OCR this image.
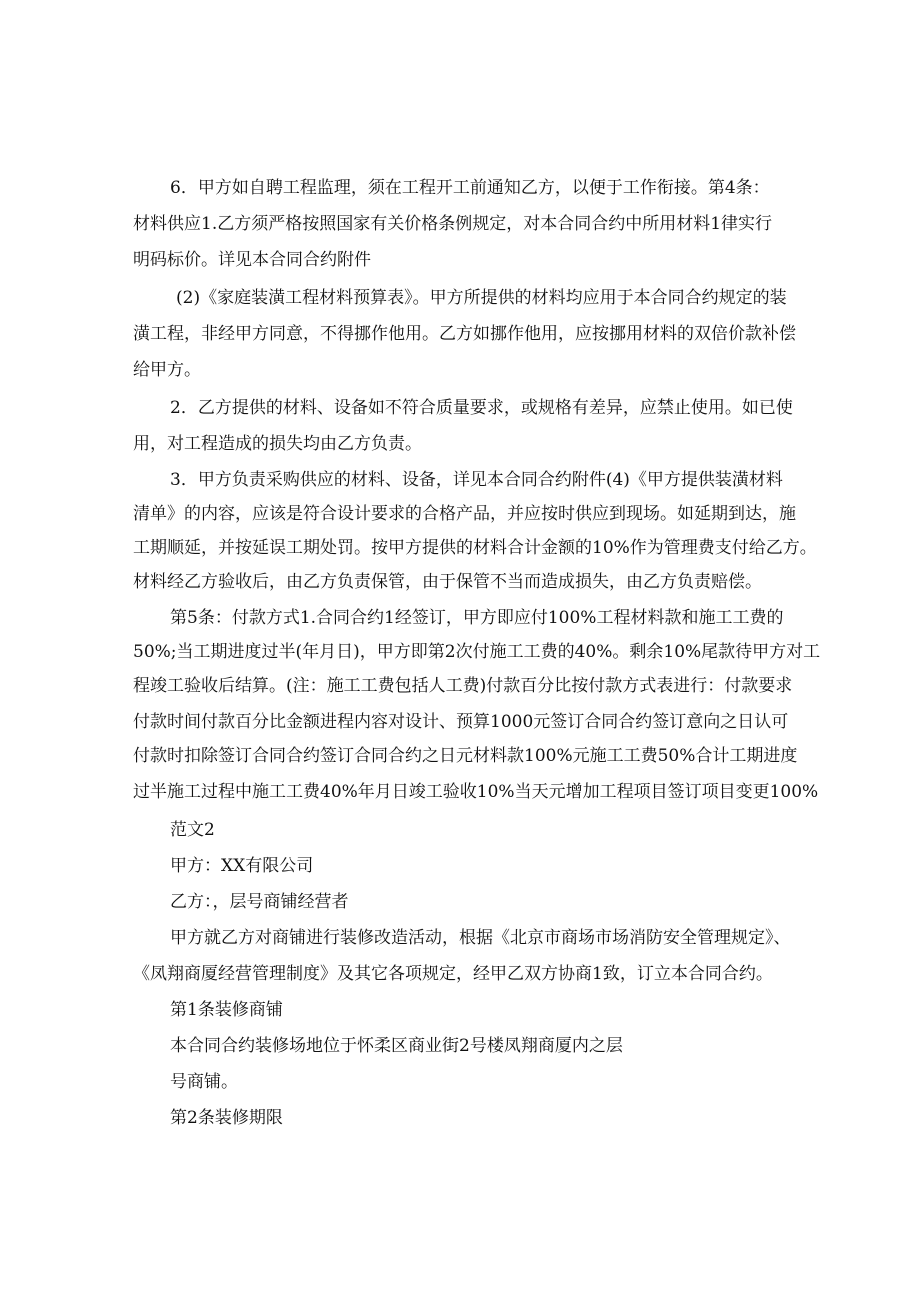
6．甲方如自聘工程监理，须在工程开工前通知乙方，以便于工作衔接。第4条：
材料供应1.乙方须严格按照国家有关价格条例规定，对本合同合约中所用材料1律实行
明码标价。详见本合同合约附件
(2)《家庭装潢工程材料预算表》。甲方所提供的材料均应用于本合同合约规定的装
潢工程，非经甲方同意，不得挪作他用。乙方如挪作他用，应按挪用材料的双倍价款补偿
给甲方。
2．乙方提供的材料、设备如不符合质量要求，或规格有差异，应禁止使用。如已使
用，对工程造成的损失均由乙方负责。
3．甲方负责采购供应的材料、设备，详见本合同合约附件(4)《甲方提供装潢材料
清单》的内容，应该是符合设计要求的合格产品，并应按时供应到现场。如延期到达，施
工期顺延，并按延误工期处罚。按甲方提供的材料合计金额的10%作为管理费支付给乙方。
材料经乙方验收后，由乙方负责保管，由于保管不当而造成损失，由乙方负责赔偿。
第5条：付款方式1.合同合约1经签订，甲方即应付100%工程材料款和施工工费的
50%;当工期进度过半(年月日)，甲方即第2次付施工工费的40%。剩余10%尾款待甲方对工
程竣工验收后结算。(注：施工工费包括人工费)付款百分比按付款方式表进行：付款要求
付款时间付款百分比金额进程内容对设计、预算1000元签订合同合约签订意向之日认可
付款时扣除签订合同合约签订合同合约之日元材料款100%元施工工费50%合计工期进度
过半施工过程中施工工费40%年月日竣工验收10%当天元增加工程项目签订项目变更100%
范文2
甲方：XX有限公司
乙方：，层号商铺经营者
甲方就乙方对商铺进行装修改造活动，根据《北京市商场市场消防安全管理规定》、
《凤翔商厦经营管理制度》及其它各项规定，经甲乙双方协商1致，订立本合同合约。
第1条装修商铺
本合同合约装修场地位于怀柔区商业街2号楼凤翔商厦内之层
号商铺。
第2条装修期限
